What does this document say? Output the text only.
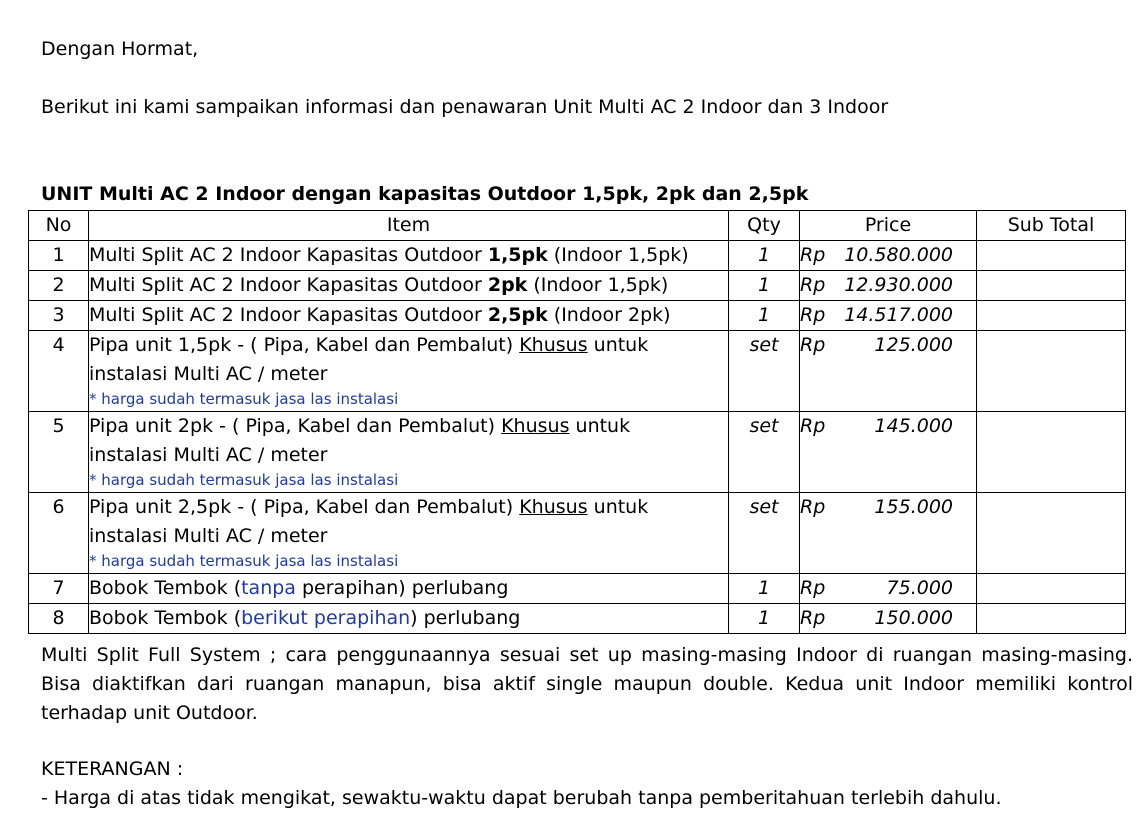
Dengan Hormat,
Berikut ini kami sampaikan informasi dan penawaran Unit Multi AC 2 Indoor dan 3 Indoor
UNIT Multi AC 2 Indoor dengan kapasitas Outdoor 1,5pk, 2pk dan 2,5pk
No	Item	Qty	Price	Sub Total
1	Multi Split AC 2 Indoor Kapasitas Outdoor 1,5pk (Indoor 1,5pk)	1	Rp 10.580.000	

2	Multi Split AC 2 Indoor Kapasitas Outdoor 2pk (Indoor 1,5pk)	1	Rp 12.930.000	

3	Multi Split AC 2 Indoor Kapasitas Outdoor 2,5pk (Indoor 2pk)	1	Rp 14.517.000	

4	Pipa unit 1,5pk - ( Pipa, Kabel dan Pembalut) Khusus untuk
instalasi Multi AC / meter
* harga sudah termasuk jasa las instalasi	set	Rp 125.000	

5	Pipa unit 2pk - ( Pipa, Kabel dan Pembalut) Khusus untuk
instalasi Multi AC / meter
* harga sudah termasuk jasa las instalasi	set	Rp 145.000	

6	Pipa unit 2,5pk - ( Pipa, Kabel dan Pembalut) Khusus untuk
instalasi Multi AC / meter
* harga sudah termasuk jasa las instalasi	set	Rp 155.000	

7	Bobok Tembok (tanpa perapihan) perlubang	1	Rp 75.000	

8	Bobok Tembok (berikut perapihan) perlubang	1	Rp 150.000	

Multi Split Full System ; cara penggunaannya sesuai set up masing-masing Indoor di ruangan masing-masing. Bisa diaktifkan dari ruangan manapun, bisa aktif single maupun double. Kedua unit Indoor memiliki kontrol terhadap unit Outdoor.
KETERANGAN :
- Harga di atas tidak mengikat, sewaktu-waktu dapat berubah tanpa pemberitahuan terlebih dahulu.
